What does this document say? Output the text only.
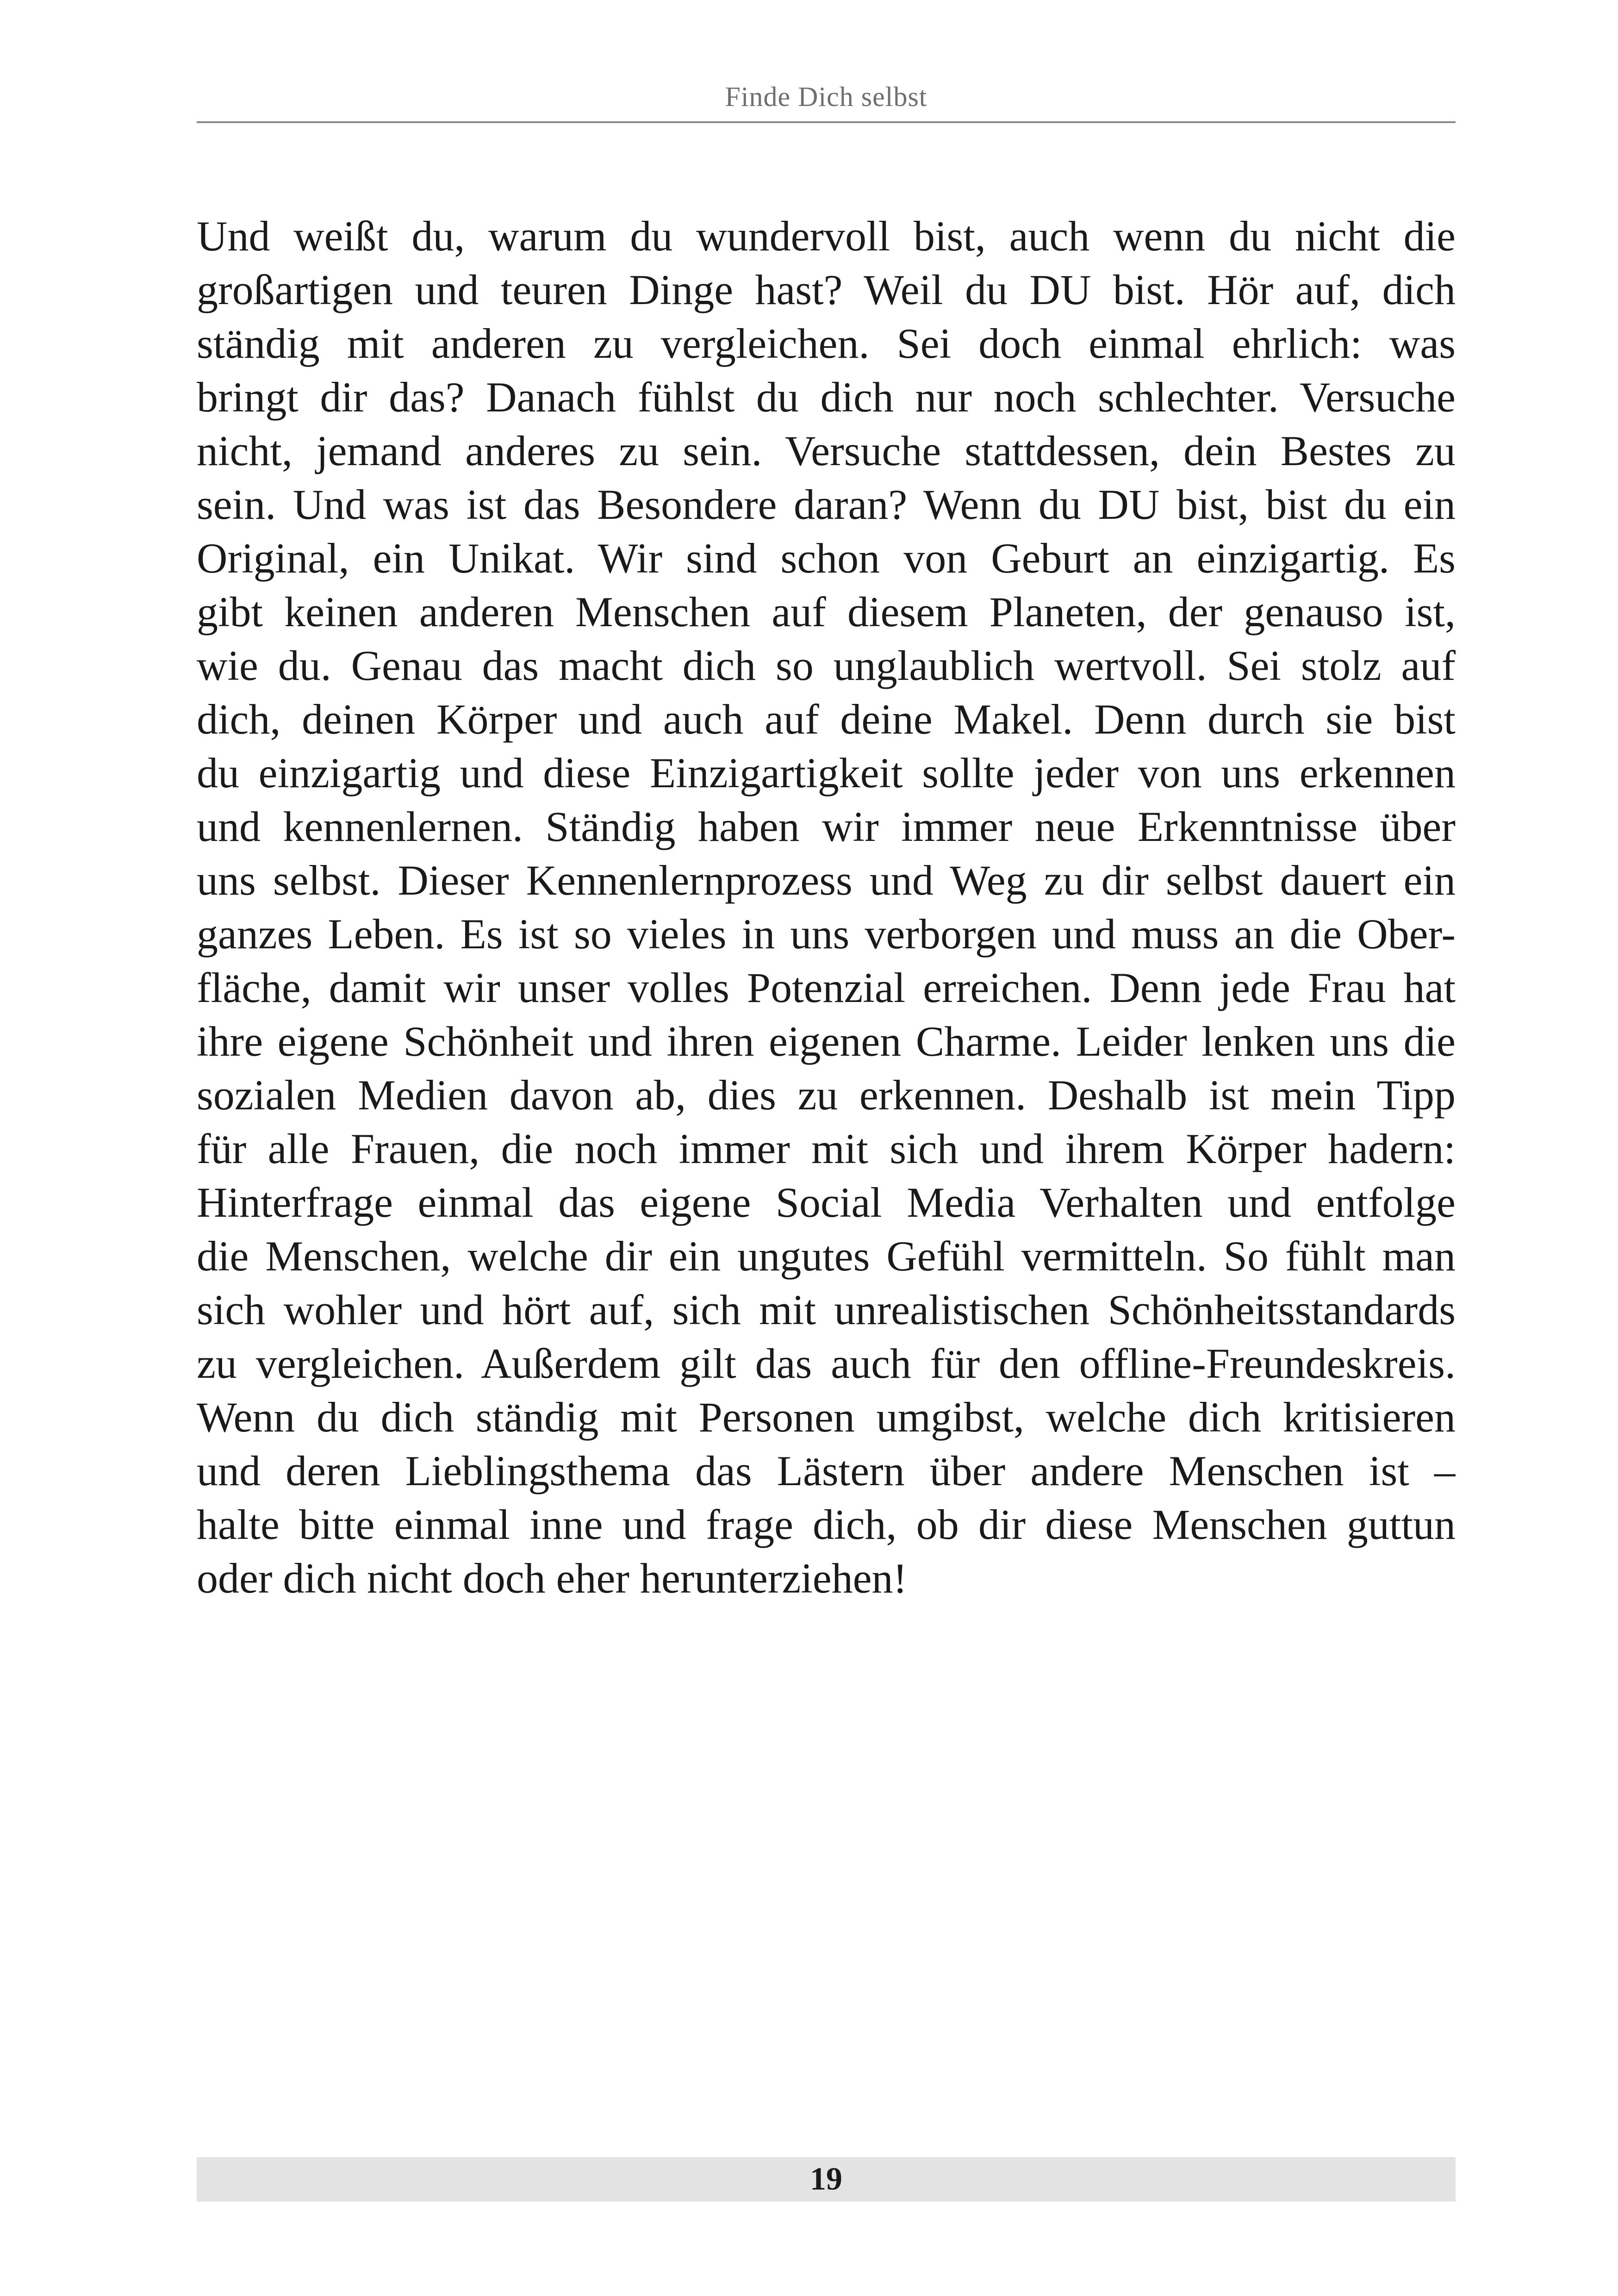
Finde Dich selbst
Und weißt du, warum du wundervoll bist, auch wenn du nicht die
großartigen und teuren Dinge hast? Weil du DU bist. Hör auf, dich
ständig mit anderen zu vergleichen. Sei doch einmal ehrlich: was
bringt dir das? Danach fühlst du dich nur noch schlechter. Versuche
nicht, jemand anderes zu sein. Versuche stattdessen, dein Bestes zu
sein. Und was ist das Besondere daran? Wenn du DU bist, bist du ein
Original, ein Unikat. Wir sind schon von Geburt an einzigartig. Es
gibt keinen anderen Menschen auf diesem Planeten, der genauso ist,
wie du. Genau das macht dich so unglaublich wertvoll. Sei stolz auf
dich, deinen Körper und auch auf deine Makel. Denn durch sie bist
du einzigartig und diese Einzigartigkeit sollte jeder von uns erkennen
und kennenlernen. Ständig haben wir immer neue Erkenntnisse über
uns selbst. Dieser Kennenlernprozess und Weg zu dir selbst dauert ein
ganzes Leben. Es ist so vieles in uns verborgen und muss an die Ober-
fläche, damit wir unser volles Potenzial erreichen. Denn jede Frau hat
ihre eigene Schönheit und ihren eigenen Charme. Leider lenken uns die
sozialen Medien davon ab, dies zu erkennen. Deshalb ist mein Tipp
für alle Frauen, die noch immer mit sich und ihrem Körper hadern:
Hinterfrage einmal das eigene Social Media Verhalten und entfolge
die Menschen, welche dir ein ungutes Gefühl vermitteln. So fühlt man
sich wohler und hört auf, sich mit unrealistischen Schönheitsstandards
zu vergleichen. Außerdem gilt das auch für den offline-Freundeskreis.
Wenn du dich ständig mit Personen umgibst, welche dich kritisieren
und deren Lieblingsthema das Lästern über andere Menschen ist –
halte bitte einmal inne und frage dich, ob dir diese Menschen guttun
oder dich nicht doch eher herunterziehen!
19
